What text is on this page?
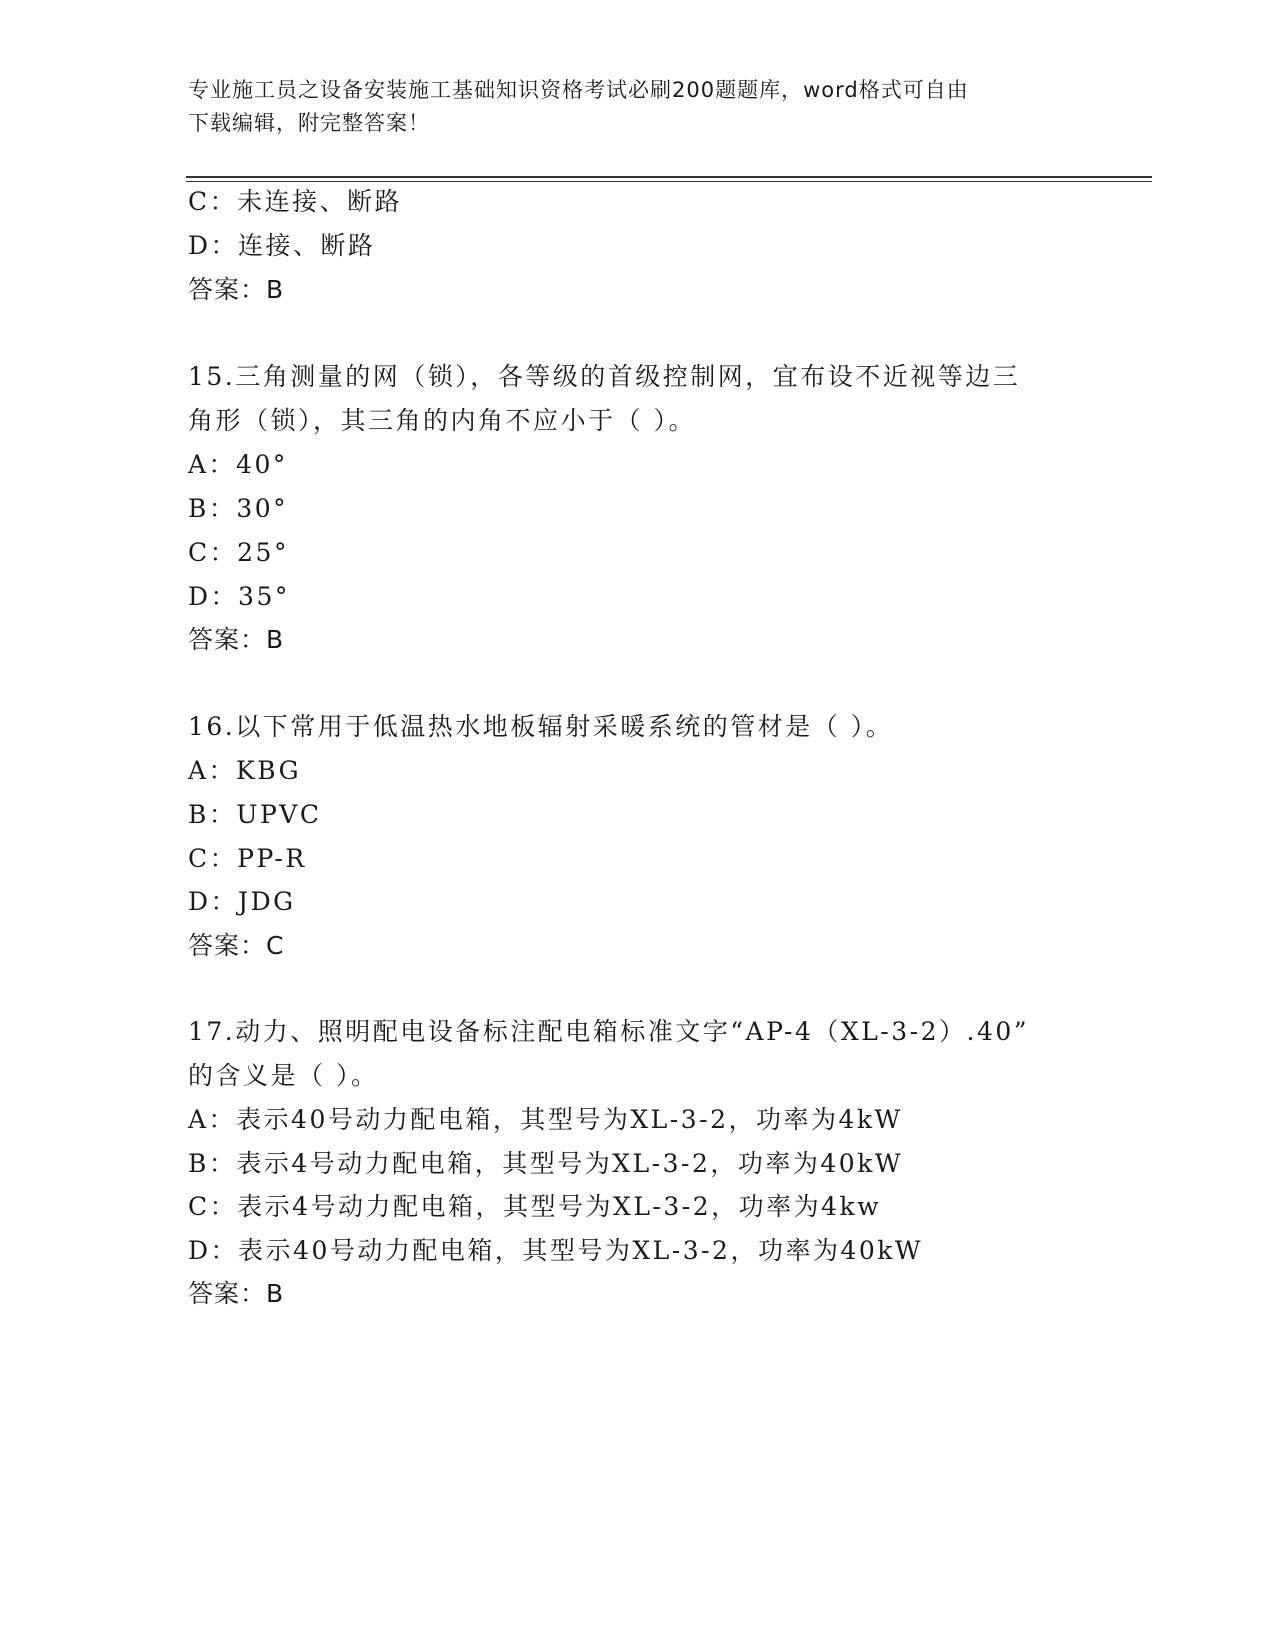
专业施工员之设备安装施工基础知识资格考试必刷200题题库，word格式可自由
下载编辑，附完整答案！
C：未连接、断路
D：连接、断路
答案：B
15.三角测量的网（锁），各等级的首级控制网，宜布设不近视等边三
角形（锁），其三角的内角不应小于（ ）。
A：40°
B：30°
C：25°
D：35°
答案：B
16.以下常用于低温热水地板辐射采暖系统的管材是（ ）。
A：KBG
B：UPVC
C：PP-R
D：JDG
答案：C
17.动力、照明配电设备标注配电箱标准文字“AP-4（XL-3-2）.40”
的含义是（ ）。
A：表示40号动力配电箱，其型号为XL-3-2，功率为4kW
B：表示4号动力配电箱，其型号为XL-3-2，功率为40kW
C：表示4号动力配电箱，其型号为XL-3-2，功率为4kw
D：表示40号动力配电箱，其型号为XL-3-2，功率为40kW
答案：B
